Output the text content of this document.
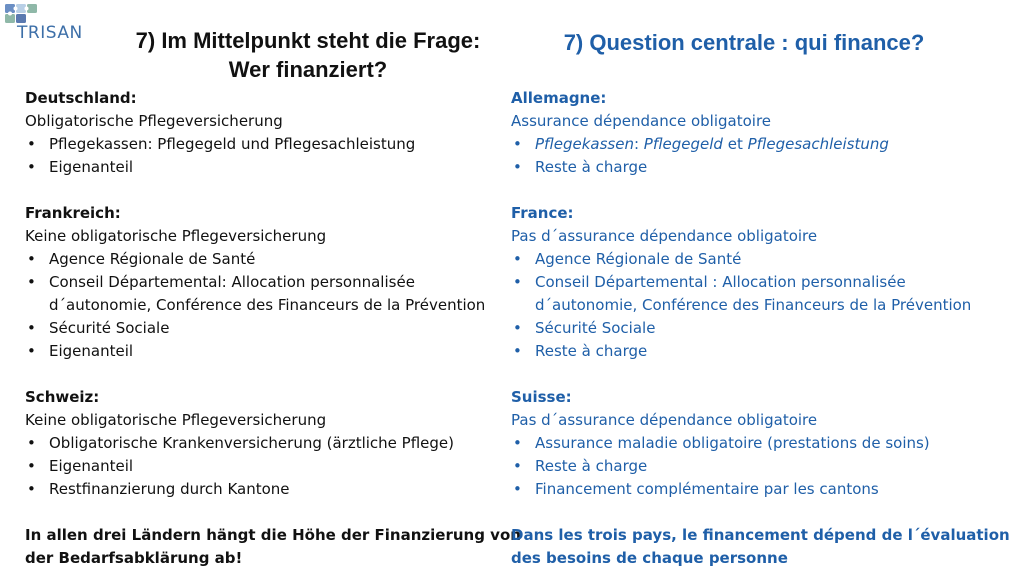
TRISAN	7) Im Mittelpunkt steht die Frage:
Wer finanziert?
7) Question centrale : qui finance?

Deutschland:

Obligatorische Pflegeversicherung

• Pflegekassen: Pflegegeld und Pflegesachleistung
• Eigenanteil

Frankreich:

Keine obligatorische Pflegeversicherung

• Agence Régionale de Santé
• Conseil Départemental: Allocation personnalisée
d´autonomie, Conférence des Financeurs de la Prévention
• Sécurité Sociale
• Eigenanteil

Schweiz:

Keine obligatorische Pflegeversicherung

• Obligatorische Krankenversicherung (ärztliche Pflege)
• Eigenanteil
• Restfinanzierung durch Kantone

In allen drei Ländern hängt die Höhe der Finanzierung von

der Bedarfsabklärung ab!

Allemagne:

Assurance dépendance obligatoire

• Pflegekassen: Pflegegeld et Pflegesachleistung
• Reste à charge

France:

Pas d´assurance dépendance obligatoire

• Agence Régionale de Santé
• Conseil Départemental : Allocation personnalisée
d´autonomie, Conférence des Financeurs de la Prévention
• Sécurité Sociale
• Reste à charge

Suisse:

Pas d´assurance dépendance obligatoire

• Assurance maladie obligatoire (prestations de soins)
• Reste à charge
• Financement complémentaire par les cantons

Dans les trois pays, le financement dépend de l´évaluation

des besoins de chaque personne
